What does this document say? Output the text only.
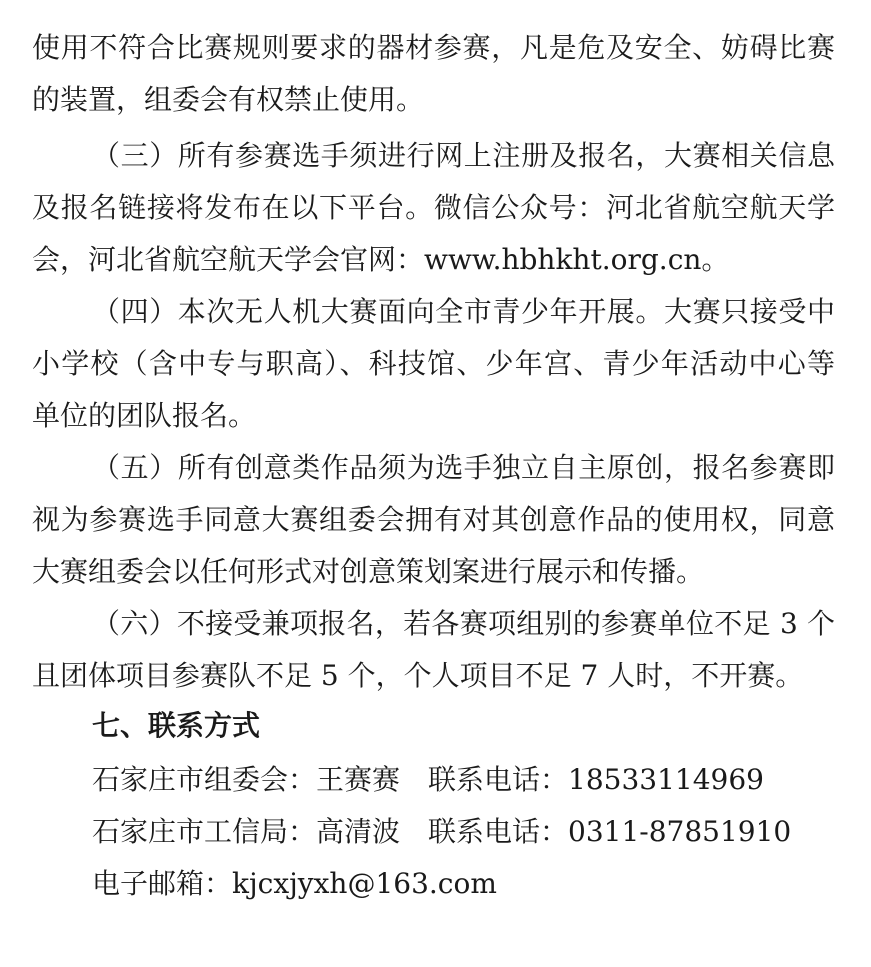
使用不符合比赛规则要求的器材参赛，凡是危及安全、妨碍比赛
的装置，组委会有权禁止使用。
（三）所有参赛选手须进行网上注册及报名，大赛相关信息
及报名链接将发布在以下平台。微信公众号：河北省航空航天学
会，河北省航空航天学会官网：www.hbhkht.org.cn。
（四）本次无人机大赛面向全市青少年开展。大赛只接受中
小学校（含中专与职高）、科技馆、少年宫、青少年活动中心等
单位的团队报名。
（五）所有创意类作品须为选手独立自主原创，报名参赛即
视为参赛选手同意大赛组委会拥有对其创意作品的使用权，同意
大赛组委会以任何形式对创意策划案进行展示和传播。
（六）不接受兼项报名，若各赛项组别的参赛单位不足 3 个
且团体项目参赛队不足 5 个，个人项目不足 7 人时，不开赛。
七、联系方式
石家庄市组委会：王赛赛　联系电话：18533114969
石家庄市工信局：高清波　联系电话：0311-87851910
电子邮箱：kjcxjyxh@163.com
